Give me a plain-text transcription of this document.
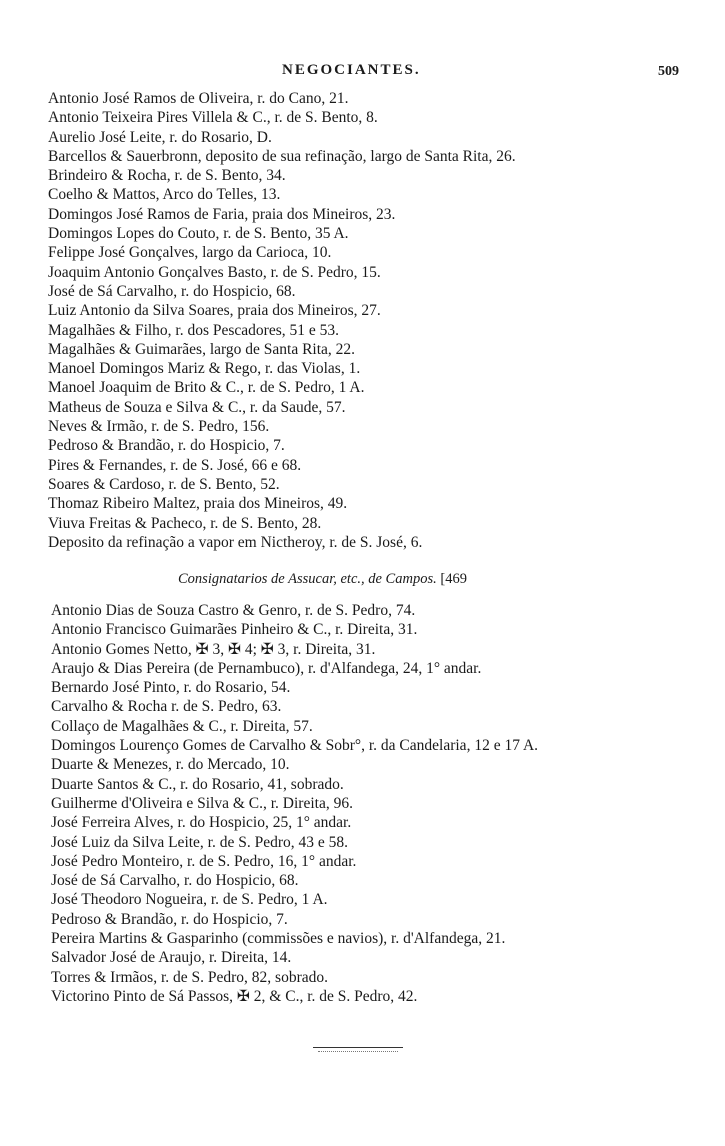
NEGOCIANTES.	509
Antonio José Ramos de Oliveira, r. do Cano, 21.
Antonio Teixeira Pires Villela & C., r. de S. Bento, 8.
Aurelio José Leite, r. do Rosario, D.
Barcellos & Sauerbronn, deposito de sua refinação, largo de Santa Rita, 26.
Brindeiro & Rocha, r. de S. Bento, 34.
Coelho & Mattos, Arco do Telles, 13.
Domingos José Ramos de Faria, praia dos Mineiros, 23.
Domingos Lopes do Couto, r. de S. Bento, 35 A.
Felippe José Gonçalves, largo da Carioca, 10.
Joaquim Antonio Gonçalves Basto, r. de S. Pedro, 15.
José de Sá Carvalho, r. do Hospicio, 68.
Luiz Antonio da Silva Soares, praia dos Mineiros, 27.
Magalhães & Filho, r. dos Pescadores, 51 e 53.
Magalhães & Guimarães, largo de Santa Rita, 22.
Manoel Domingos Mariz & Rego, r. das Violas, 1.
Manoel Joaquim de Brito & C., r. de S. Pedro, 1 A.
Matheus de Souza e Silva & C., r. da Saude, 57.
Neves & Irmão, r. de S. Pedro, 156.
Pedroso & Brandão, r. do Hospicio, 7.
Pires & Fernandes, r. de S. José, 66 e 68.
Soares & Cardoso, r. de S. Bento, 52.
Thomaz Ribeiro Maltez, praia dos Mineiros, 49.
Viuva Freitas & Pacheco, r. de S. Bento, 28.
Deposito da refinação a vapor em Nictheroy, r. de S. José, 6.
Consignatarios de Assucar, etc., de Campos. [469
Antonio Dias de Souza Castro & Genro, r. de S. Pedro, 74.
Antonio Francisco Guimarães Pinheiro & C., r. Direita, 31.
Antonio Gomes Netto, ✠ 3, ✠ 4; ✠ 3, r. Direita, 31.
Araujo & Dias Pereira (de Pernambuco), r. d'Alfandega, 24, 1° andar.
Bernardo José Pinto, r. do Rosario, 54.
Carvalho & Rocha r. de S. Pedro, 63.
Collaço de Magalhães & C., r. Direita, 57.
Domingos Lourenço Gomes de Carvalho & Sobr°, r. da Candelaria, 12 e 17 A.
Duarte & Menezes, r. do Mercado, 10.
Duarte Santos & C., r. do Rosario, 41, sobrado.
Guilherme d'Oliveira e Silva & C., r. Direita, 96.
José Ferreira Alves, r. do Hospicio, 25, 1° andar.
José Luiz da Silva Leite, r. de S. Pedro, 43 e 58.
José Pedro Monteiro, r. de S. Pedro, 16, 1° andar.
José de Sá Carvalho, r. do Hospicio, 68.
José Theodoro Nogueira, r. de S. Pedro, 1 A.
Pedroso & Brandão, r. do Hospicio, 7.
Pereira Martins & Gasparinho (commissões e navios), r. d'Alfandega, 21.
Salvador José de Araujo, r. Direita, 14.
Torres & Irmãos, r. de S. Pedro, 82, sobrado.
Victorino Pinto de Sá Passos, ✠ 2, & C., r. de S. Pedro, 42.
